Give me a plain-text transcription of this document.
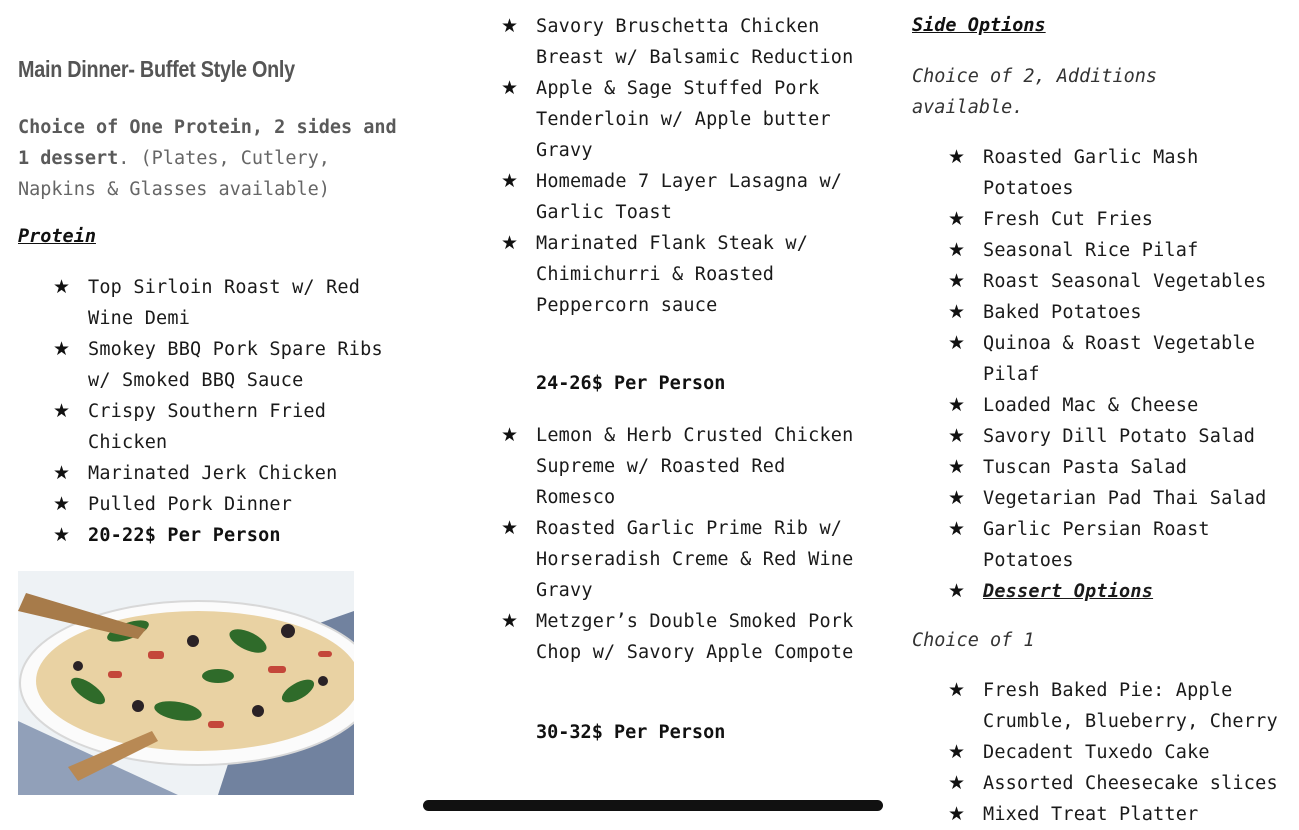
Main Dinner- Buffet Style Only
Choice of One Protein, 2 sides and 1 dessert. (Plates, Cutlery, Napkins & Glasses available)
Protein
★ Top Sirloin Roast w/ Red Wine Demi
★ Smokey BBQ Pork Spare Ribs w/ Smoked BBQ Sauce
★ Crispy Southern Fried Chicken
★ Marinated Jerk Chicken
★ Pulled Pork Dinner
★ 20-22$ Per Person
★ Savory Bruschetta Chicken Breast w/ Balsamic Reduction
★ Apple & Sage Stuffed Pork Tenderloin w/ Apple butter Gravy
★ Homemade 7 Layer Lasagna w/ Garlic Toast
★ Marinated Flank Steak w/ Chimichurri & Roasted Peppercorn sauce
24-26$ Per Person
★ Lemon & Herb Crusted Chicken Supreme w/ Roasted Red Romesco
★ Roasted Garlic Prime Rib w/ Horseradish Creme & Red Wine Gravy
★ Metzger’s Double Smoked Pork Chop w/ Savory Apple Compote
30-32$ Per Person
Side Options
Choice of 2, Additions available.
★ Roasted Garlic Mash Potatoes
★ Fresh Cut Fries
★ Seasonal Rice Pilaf
★ Roast Seasonal Vegetables
★ Baked Potatoes
★ Quinoa & Roast Vegetable Pilaf
★ Loaded Mac & Cheese
★ Savory Dill Potato Salad
★ Tuscan Pasta Salad
★ Vegetarian Pad Thai Salad
★ Garlic Persian Roast Potatoes
★ Dessert Options
Choice of 1
★ Fresh Baked Pie: Apple Crumble, Blueberry, Cherry
★ Decadent Tuxedo Cake
★ Assorted Cheesecake slices
★ Mixed Treat Platter
